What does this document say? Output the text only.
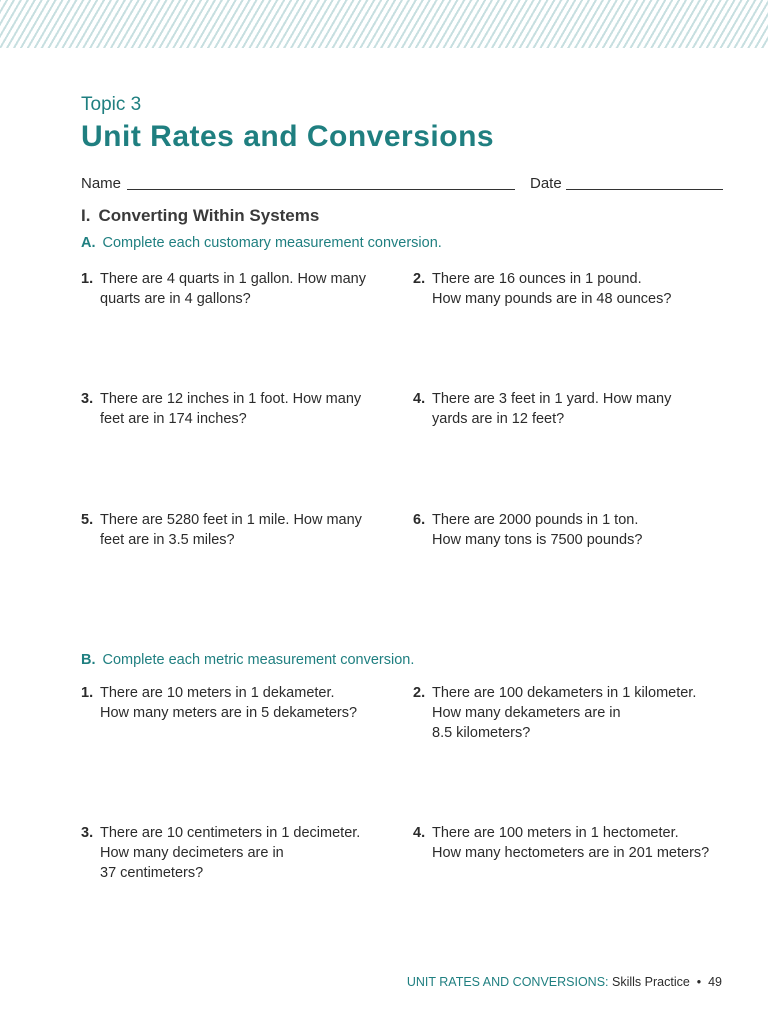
Topic 3
Unit Rates and Conversions
Name	Date
I. Converting Within Systems
A. Complete each customary measurement conversion.
1. There are 4 quarts in 1 gallon. How many
quarts are in 4 gallons?
2. There are 16 ounces in 1 pound.
How many pounds are in 48 ounces?
3. There are 12 inches in 1 foot. How many
feet are in 174 inches?
4. There are 3 feet in 1 yard. How many
yards are in 12 feet?
5. There are 5280 feet in 1 mile. How many
feet are in 3.5 miles?
6. There are 2000 pounds in 1 ton.
How many tons is 7500 pounds?
B. Complete each metric measurement conversion.
1. There are 10 meters in 1 dekameter.
How many meters are in 5 dekameters?
2. There are 100 dekameters in 1 kilometer.
How many dekameters are in
8.5 kilometers?
3. There are 10 centimeters in 1 decimeter.
How many decimeters are in
37 centimeters?
4. There are 100 meters in 1 hectometer.
How many hectometers are in 201 meters?
UNIT RATES AND CONVERSIONS: Skills Practice • 49
